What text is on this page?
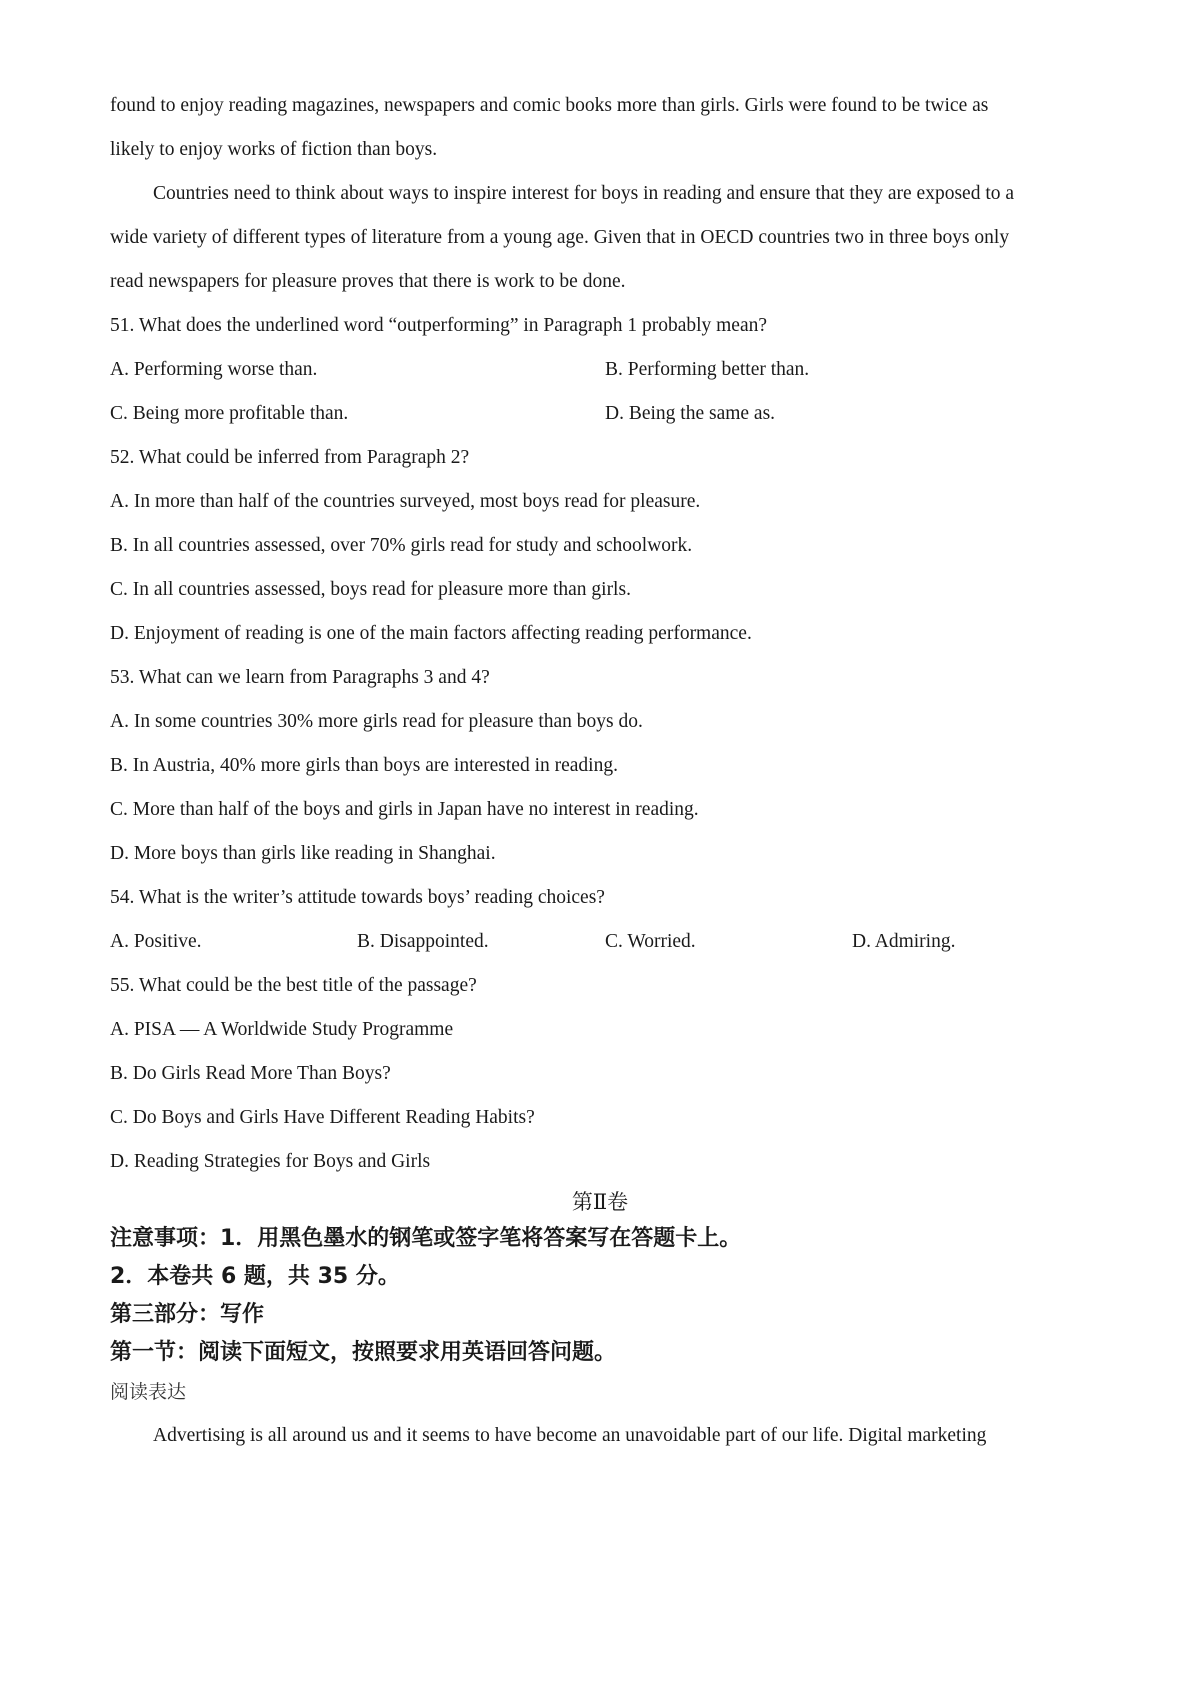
found to enjoy reading magazines, newspapers and comic books more than girls. Girls were found to be twice as
likely to enjoy works of fiction than boys.
Countries need to think about ways to inspire interest for boys in reading and ensure that they are exposed to a
wide variety of different types of literature from a young age. Given that in OECD countries two in three boys only
read newspapers for pleasure proves that there is work to be done.
51. What does the underlined word “outperforming” in Paragraph 1 probably mean?
A. Performing worse than.	B. Performing better than.
C. Being more profitable than.	D. Being the same as.
52. What could be inferred from Paragraph 2?
A. In more than half of the countries surveyed, most boys read for pleasure.
B. In all countries assessed, over 70% girls read for study and schoolwork.
C. In all countries assessed, boys read for pleasure more than girls.
D. Enjoyment of reading is one of the main factors affecting reading performance.
53. What can we learn from Paragraphs 3 and 4?
A. In some countries 30% more girls read for pleasure than boys do.
B. In Austria, 40% more girls than boys are interested in reading.
C. More than half of the boys and girls in Japan have no interest in reading.
D. More boys than girls like reading in Shanghai.
54. What is the writer’s attitude towards boys’ reading choices?
A. Positive.	B. Disappointed.	C. Worried.	D. Admiring.
55. What could be the best title of the passage?
A. PISA — A Worldwide Study Programme
B. Do Girls Read More Than Boys?
C. Do Boys and Girls Have Different Reading Habits?
D. Reading Strategies for Boys and Girls
第Ⅱ卷
注意事项：1．用黑色墨水的钢笔或签字笔将答案写在答题卡上。
2．本卷共 6 题，共 35 分。
第三部分：写作
第一节：阅读下面短文，按照要求用英语回答问题。
阅读表达
Advertising is all around us and it seems to have become an unavoidable part of our life. Digital marketing
